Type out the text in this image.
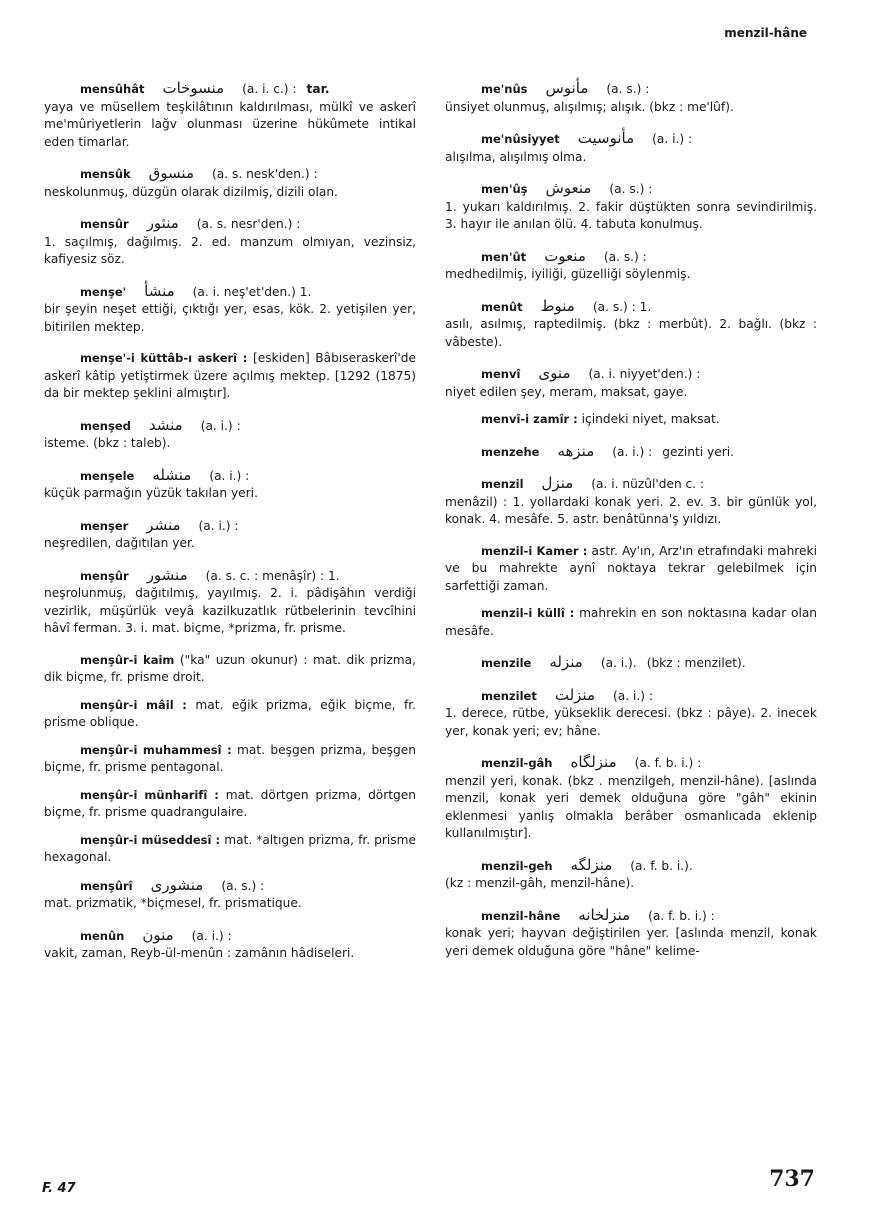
menzil-hâne
mensûhât منسوخات (a. i. c.) : tar.
yaya ve müsellem teşkilâtının kaldırılması, mülkî ve askerî me'mûriyetlerin lağv olunması üzerine hükûmete intikal eden timarlar.
mensûk منسوق (a. s. nesk'den.) :
neskolunmuş, düzgün olarak dizilmiş, dizili olan.
mensûr منثور (a. s. nesr'den.) :
1. saçılmış, dağılmış. 2. ed. manzum olmıyan, vezinsiz, kafiyesiz söz.
menşe' منشأ (a. i. neş'et'den.) 1.
bir şeyin neşet ettiği, çıktığı yer, esas, kök. 2. yetişilen yer, bitirilen mektep.
menşe'-i küttâb-ı askerî : [eskiden] Bâbıseraskerî'de askerî kâtip yetiştirmek üzere açılmış mektep. [1292 (1875) da bir mektep şeklini almıştır].
menşed منشد (a. i.) :
isteme. (bkz : taleb).
menşele منشله (a. i.) :
küçük parmağın yüzük takılan yeri.
menşer منشر (a. i.) :
neşredilen, dağıtılan yer.
menşûr منشور (a. s. c. : menâşîr) : 1.
neşrolunmuş, dağıtılmış, yayılmış. 2. i. pâdişâhın verdiği vezirlik, müşürlük veyâ kazilkuzatlık rütbelerinin tevcîhini hâvî ferman. 3. i. mat. biçme, *prizma, fr. prisme.
menşûr-i kaim ("ka" uzun okunur) : mat. dik prizma, dik biçme, fr. prisme droit.
menşûr-i mâil : mat. eğik prizma, eğik biçme, fr. prisme oblique.
menşûr-i muhammesî : mat. beşgen prizma, beşgen biçme, fr. prisme pentagonal.
menşûr-i münharifî : mat. dörtgen prizma, dörtgen biçme, fr. prisme quadrangulaire.
menşûr-i müseddesî : mat. *altıgen prizma, fr. prisme hexagonal.
menşûrî منشوری (a. s.) :
mat. prizmatik, *biçmesel, fr. prismatique.
menûn منون (a. i.) :
vakit, zaman, Reyb-ül-menûn : zamânın hâdiseleri.
me'nûs مأنوس (a. s.) :
ünsiyet olunmuş, alışılmış; alışık. (bkz : me'lûf).
me'nûsiyyet مأنوسيت (a. i.) :
alışılma, alışılmış olma.
men'ûş منعوش (a. s.) :
1. yukarı kaldırılmış. 2. fakir düştükten sonra sevindirilmiş. 3. hayır ile anılan ölü. 4. tabuta konulmuş.
men'ût منعوت (a. s.) :
medhedilmiş, iyiliği, güzelliği söylenmiş.
menût منوط (a. s.) : 1.
asılı, asılmış, raptedilmiş. (bkz : merbût). 2. bağlı. (bkz : vâbeste).
menvî منوی (a. i. niyyet'den.) :
niyet edilen şey, meram, maksat, gaye.
menvî-i zamîr : içindeki niyet, maksat.
menzehe منزهه (a. i.) : gezinti yeri.
menzil منزل (a. i. nüzûl'den c. :
menâzil) : 1. yollardaki konak yeri. 2. ev. 3. bir günlük yol, konak. 4. mesâfe. 5. astr. benâtünna'ş yıldızı.
menzil-i Kamer : astr. Ay'ın, Arz'ın etrafındaki mahreki ve bu mahrekte aynî noktaya tekrar gelebilmek için sarfettiği zaman.
menzil-i küllî : mahrekin en son noktasına kadar olan mesâfe.
menzile منزله (a. i.). (bkz : menzilet).
menzilet منزلت (a. i.) :
1. derece, rütbe, yükseklik derecesi. (bkz : pâye). 2. inecek yer, konak yeri; ev; hâne.
menzil-gâh منزلگاه (a. f. b. i.) :
menzil yeri, konak. (bkz . menzilgeh, menzil-hâne). [aslında menzil, konak yeri demek olduğuna göre "gâh" ekinin eklenmesi yanlış olmakla berâber osmanlıcada eklenip kullanılmıştır].
menzil-geh منزلگه (a. f. b. i.).
(kz : menzil-gâh, menzil-hâne).
menzil-hâne منزلخانه (a. f. b. i.) :
konak yeri; hayvan değiştirilen yer. [aslında menzil, konak yeri demek olduğuna göre "hâne" kelime-
F. 47	737
